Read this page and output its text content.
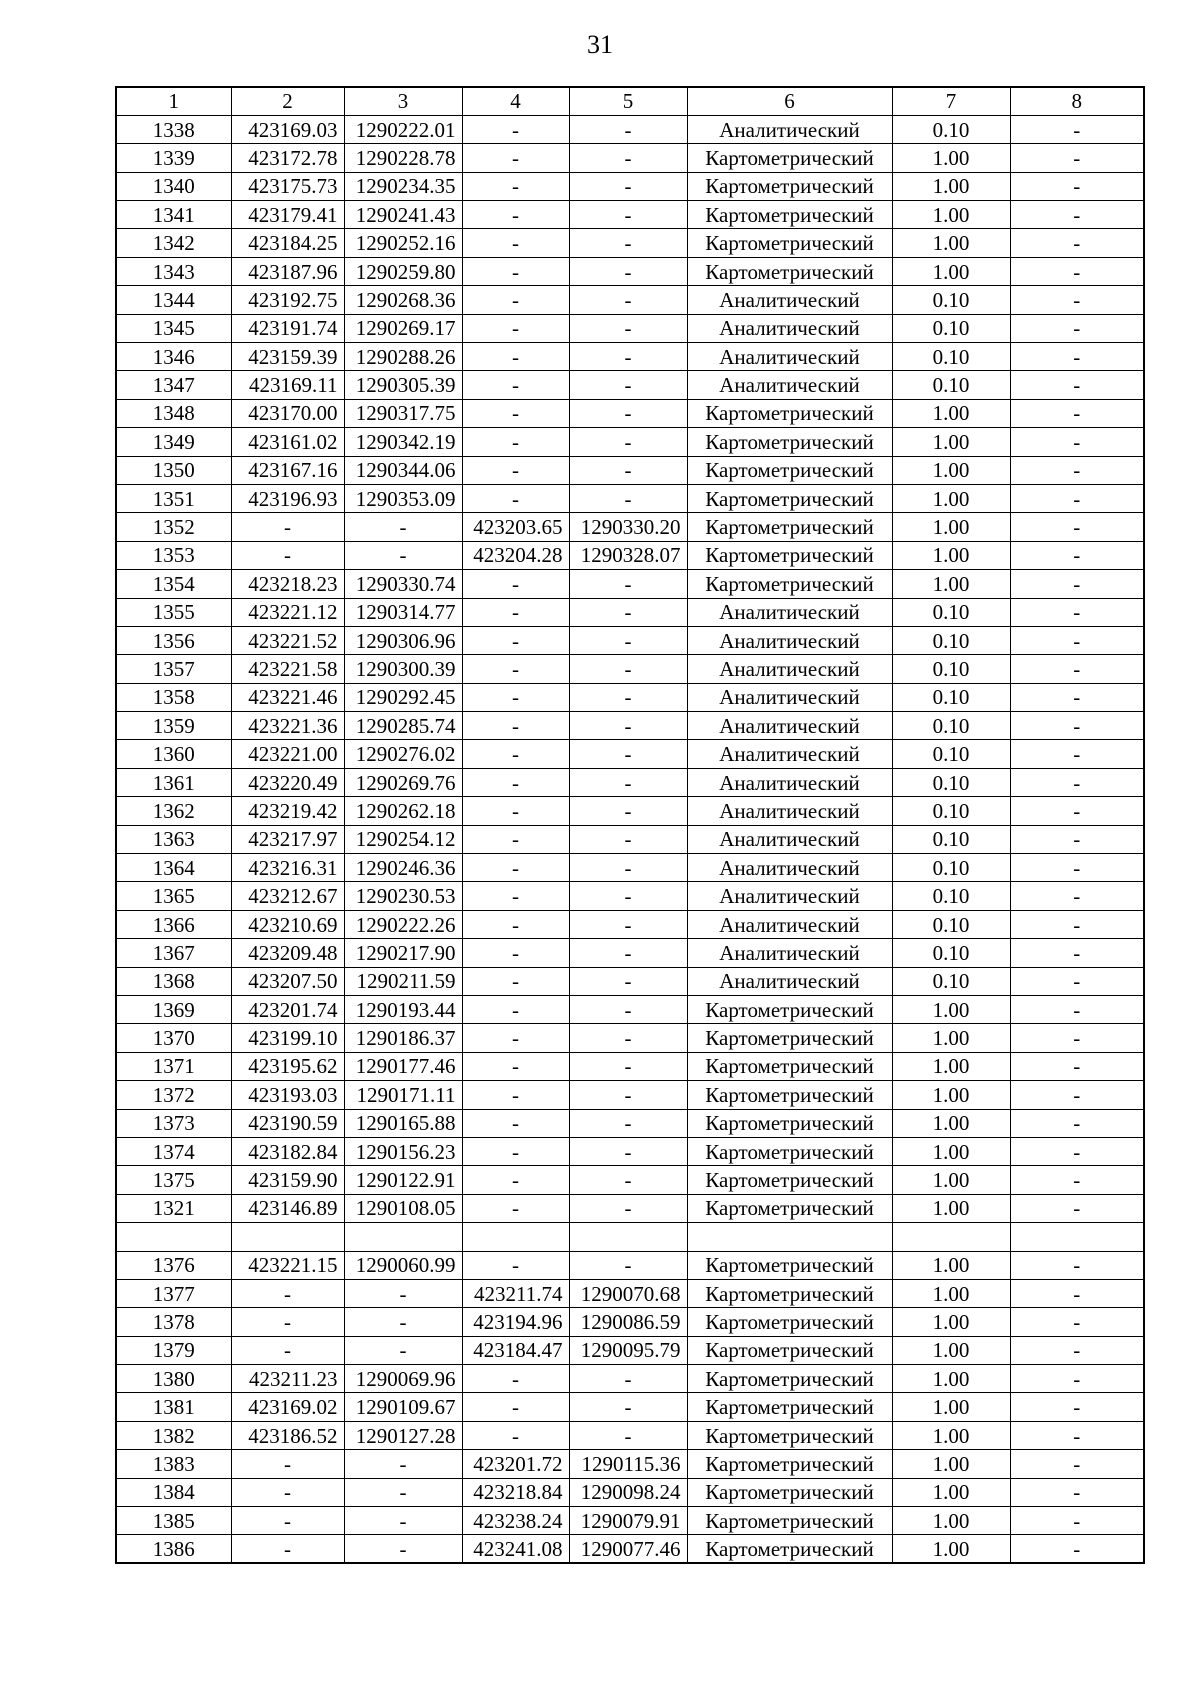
31
1	2	3	4	5	6	7	8
1338	423169.03	1290222.01	-	-	Аналитический	0.10	-
1339	423172.78	1290228.78	-	-	Картометрический	1.00	-
1340	423175.73	1290234.35	-	-	Картометрический	1.00	-
1341	423179.41	1290241.43	-	-	Картометрический	1.00	-
1342	423184.25	1290252.16	-	-	Картометрический	1.00	-
1343	423187.96	1290259.80	-	-	Картометрический	1.00	-
1344	423192.75	1290268.36	-	-	Аналитический	0.10	-
1345	423191.74	1290269.17	-	-	Аналитический	0.10	-
1346	423159.39	1290288.26	-	-	Аналитический	0.10	-
1347	423169.11	1290305.39	-	-	Аналитический	0.10	-
1348	423170.00	1290317.75	-	-	Картометрический	1.00	-
1349	423161.02	1290342.19	-	-	Картометрический	1.00	-
1350	423167.16	1290344.06	-	-	Картометрический	1.00	-
1351	423196.93	1290353.09	-	-	Картометрический	1.00	-
1352	-	-	423203.65	1290330.20	Картометрический	1.00	-
1353	-	-	423204.28	1290328.07	Картометрический	1.00	-
1354	423218.23	1290330.74	-	-	Картометрический	1.00	-
1355	423221.12	1290314.77	-	-	Аналитический	0.10	-
1356	423221.52	1290306.96	-	-	Аналитический	0.10	-
1357	423221.58	1290300.39	-	-	Аналитический	0.10	-
1358	423221.46	1290292.45	-	-	Аналитический	0.10	-
1359	423221.36	1290285.74	-	-	Аналитический	0.10	-
1360	423221.00	1290276.02	-	-	Аналитический	0.10	-
1361	423220.49	1290269.76	-	-	Аналитический	0.10	-
1362	423219.42	1290262.18	-	-	Аналитический	0.10	-
1363	423217.97	1290254.12	-	-	Аналитический	0.10	-
1364	423216.31	1290246.36	-	-	Аналитический	0.10	-
1365	423212.67	1290230.53	-	-	Аналитический	0.10	-
1366	423210.69	1290222.26	-	-	Аналитический	0.10	-
1367	423209.48	1290217.90	-	-	Аналитический	0.10	-
1368	423207.50	1290211.59	-	-	Аналитический	0.10	-
1369	423201.74	1290193.44	-	-	Картометрический	1.00	-
1370	423199.10	1290186.37	-	-	Картометрический	1.00	-
1371	423195.62	1290177.46	-	-	Картометрический	1.00	-
1372	423193.03	1290171.11	-	-	Картометрический	1.00	-
1373	423190.59	1290165.88	-	-	Картометрический	1.00	-
1374	423182.84	1290156.23	-	-	Картометрический	1.00	-
1375	423159.90	1290122.91	-	-	Картометрический	1.00	-
1321	423146.89	1290108.05	-	-	Картометрический	1.00	-

1376	423221.15	1290060.99	-	-	Картометрический	1.00	-
1377	-	-	423211.74	1290070.68	Картометрический	1.00	-
1378	-	-	423194.96	1290086.59	Картометрический	1.00	-
1379	-	-	423184.47	1290095.79	Картометрический	1.00	-
1380	423211.23	1290069.96	-	-	Картометрический	1.00	-
1381	423169.02	1290109.67	-	-	Картометрический	1.00	-
1382	423186.52	1290127.28	-	-	Картометрический	1.00	-
1383	-	-	423201.72	1290115.36	Картометрический	1.00	-
1384	-	-	423218.84	1290098.24	Картометрический	1.00	-
1385	-	-	423238.24	1290079.91	Картометрический	1.00	-
1386	-	-	423241.08	1290077.46	Картометрический	1.00	-
